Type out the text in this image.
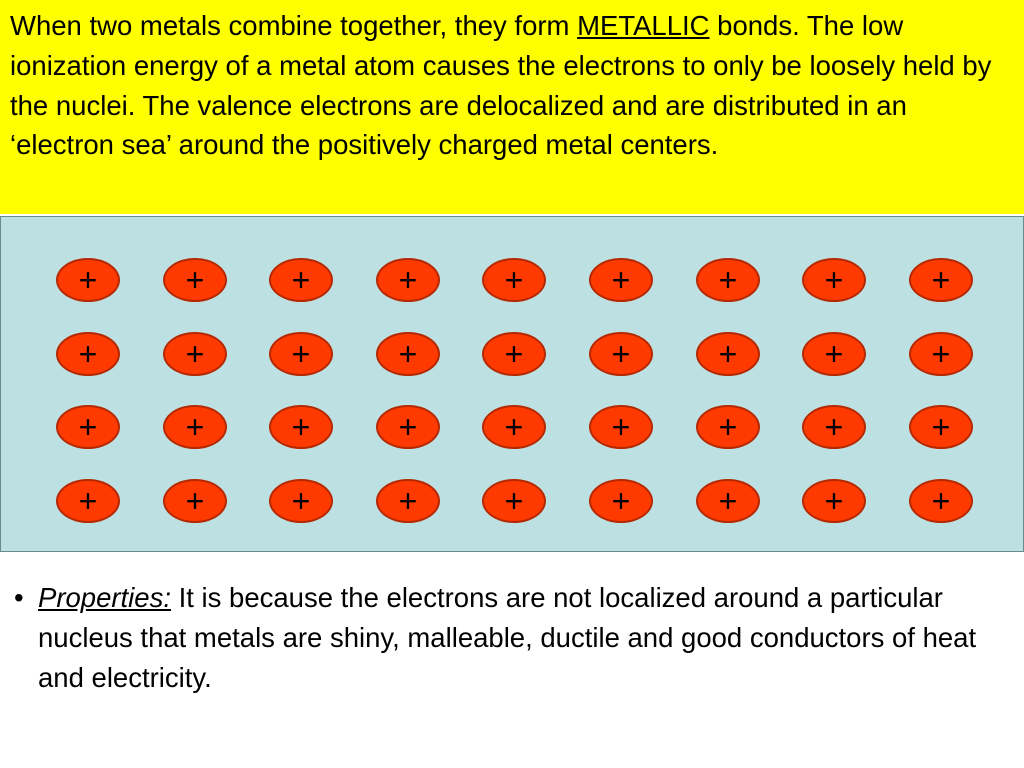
When two metals combine together, they form METALLIC bonds. The low ionization energy of a metal atom causes the electrons to only be loosely held by the nuclei. The valence electrons are delocalized and are distributed in an ‘electron sea’ around the positively charged metal centers.

+	+	+	+	+	+	+	+	+
+	+	+	+	+	+	+	+	+
+	+	+	+	+	+	+	+	+
+	+	+	+	+	+	+	+	+
• Properties: It is because the electrons are not localized around a particular nucleus that metals are shiny, malleable, ductile and good conductors of heat and electricity.
